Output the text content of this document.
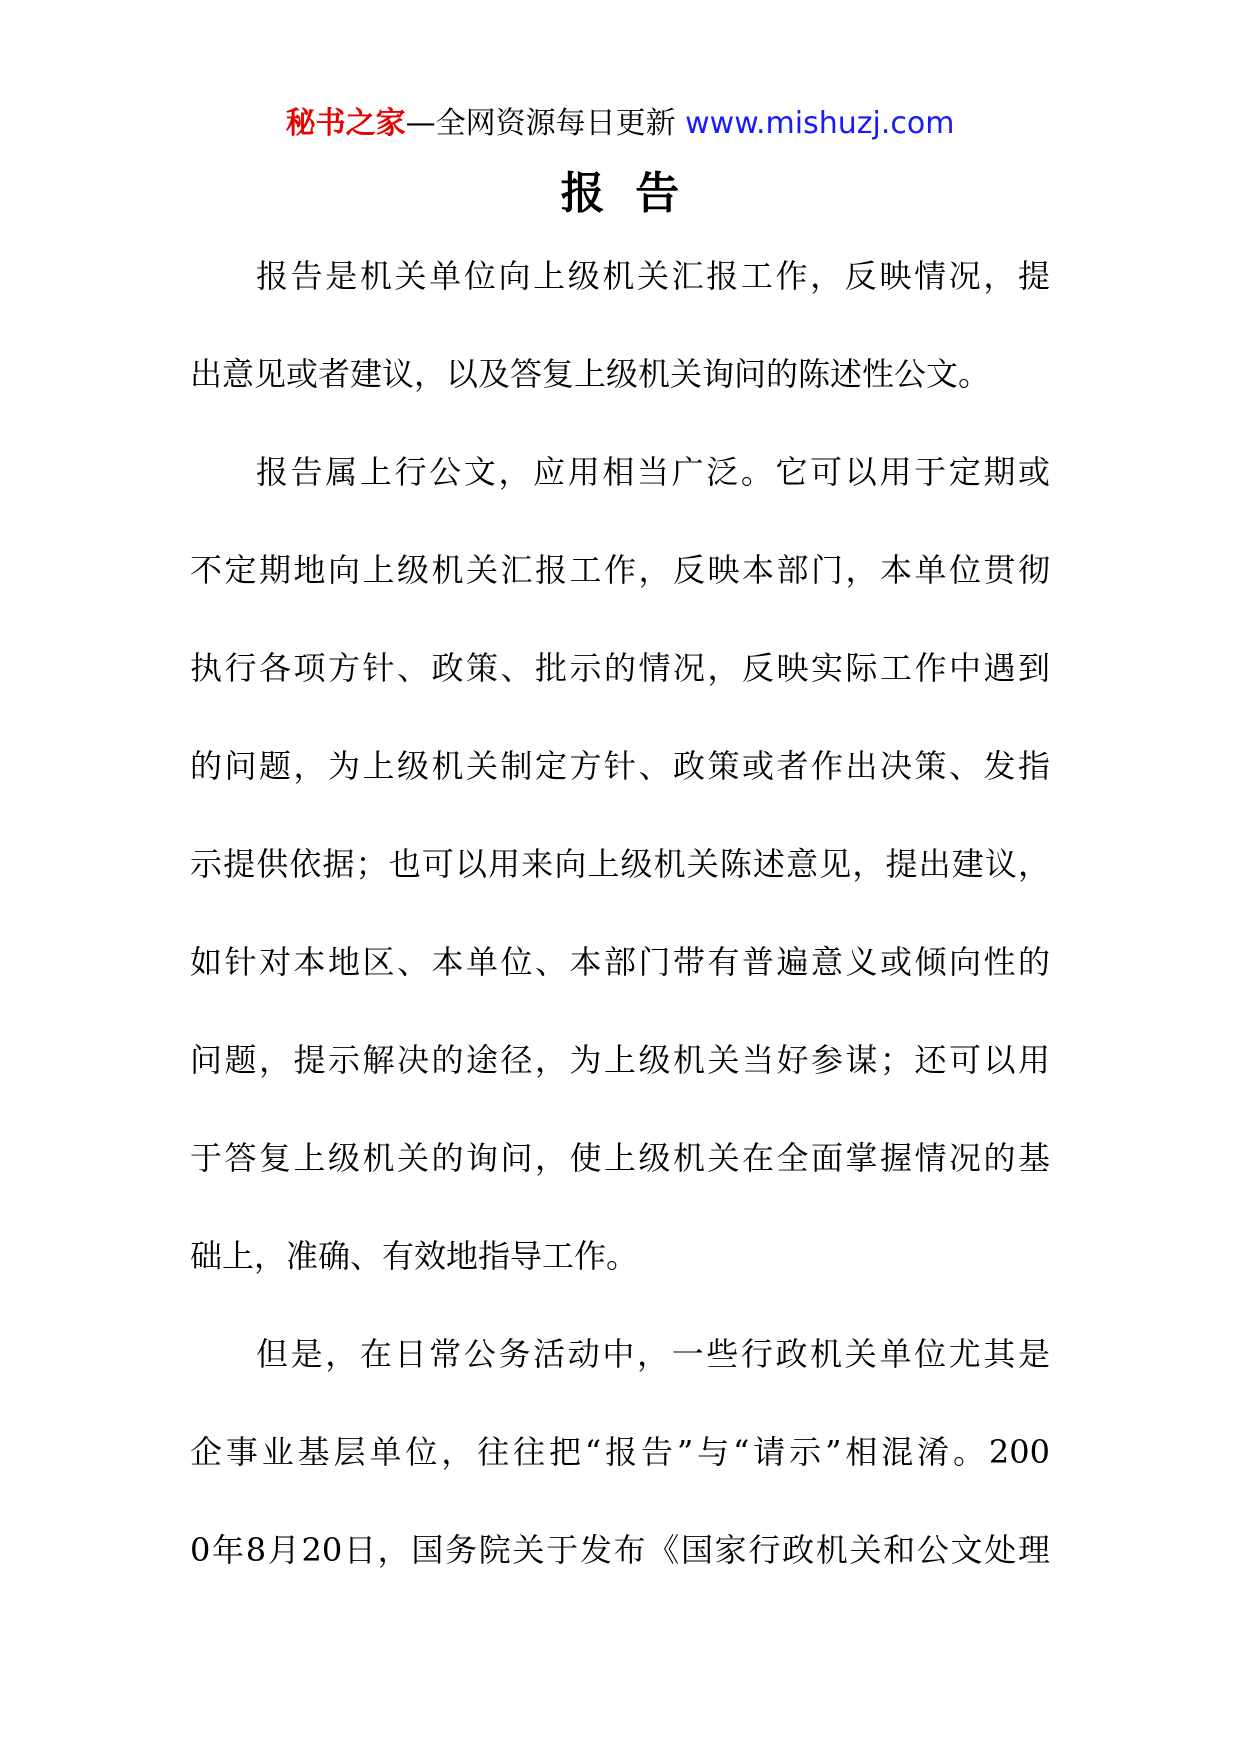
秘书之家—全网资源每日更新 www.mishuzj.com
报  告
报告是机关单位向上级机关汇报工作，反映情况，提
出意见或者建议，以及答复上级机关询问的陈述性公文。
报告属上行公文，应用相当广泛。它可以用于定期或
不定期地向上级机关汇报工作，反映本部门，本单位贯彻
执行各项方针、政策、批示的情况，反映实际工作中遇到
的问题，为上级机关制定方针、政策或者作出决策、发指
示提供依据；也可以用来向上级机关陈述意见，提出建议，
如针对本地区、本单位、本部门带有普遍意义或倾向性的
问题，提示解决的途径，为上级机关当好参谋；还可以用
于答复上级机关的询问，使上级机关在全面掌握情况的基
础上，准确、有效地指导工作。
但是，在日常公务活动中，一些行政机关单位尤其是
企事业基层单位，往往把“报告”与“请示”相混淆。200
0年8月20日，国务院关于发布《国家行政机关和公文处理
